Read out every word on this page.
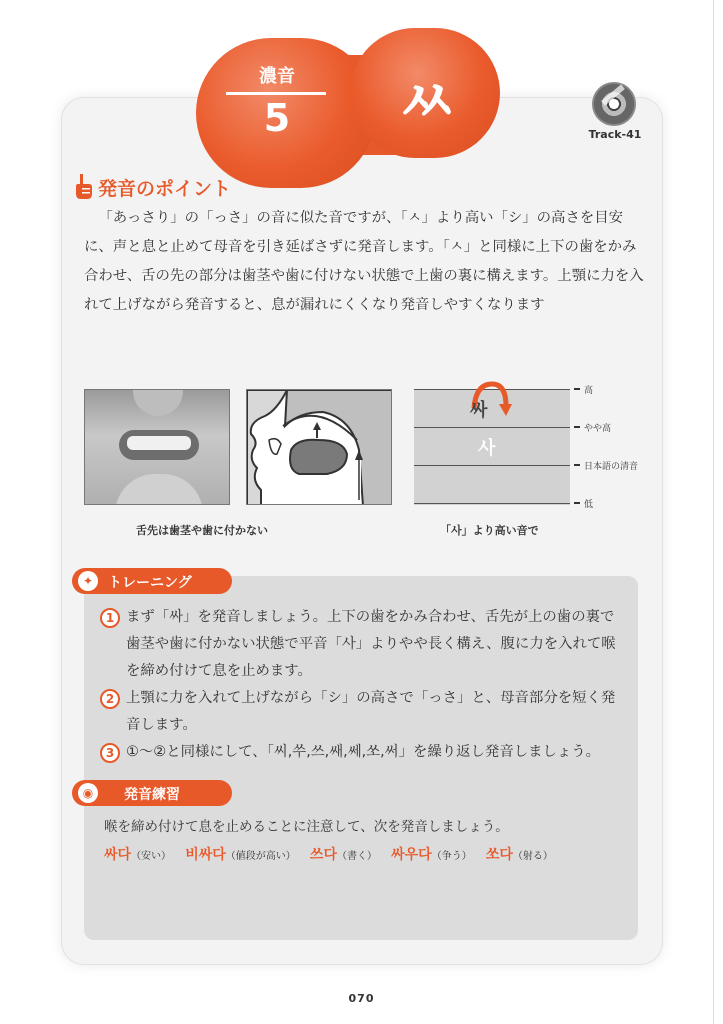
濃音
5	ㅆ	Track-41
発音のポイント

「あっさり」の「っさ」の音に似た音ですが、「ㅅ」より高い「シ」の高さを目安に、声と息と止めて母音を引き延ばさずに発音します。「ㅅ」と同様に上下の歯をかみ合わせ、舌の先の部分は歯茎や歯に付けない状態で上歯の裏に構えます。上顎に力を入れて上げながら発音すると、息が漏れにくくなり発音しやすくなります

高
やや高
日本語の清音
低
싸
사
舌先は歯茎や歯に付かない	「사」より高い音で
✦	トレーニング
1 まず「싸」を発音しましょう。上下の歯をかみ合わせ、舌先が上の歯の裏で歯茎や歯に付かない状態で平音「사」よりやや長く構え、腹に力を入れて喉を締め付けて息を止めます。
2 上顎に力を入れて上げながら「シ」の高さで「っさ」と、母音部分を短く発音します。
3 ①～②と同様にして、「씨,쑤,쓰,쌔,쎄,쏘,써」を繰り返し発音しましょう。
◉	発音練習
喉を締め付けて息を止めることに注意して、次を発音しましょう。
싸다（安い） 비싸다（値段が高い） 쓰다（書く） 싸우다（争う） 쏘다（射る）
070
